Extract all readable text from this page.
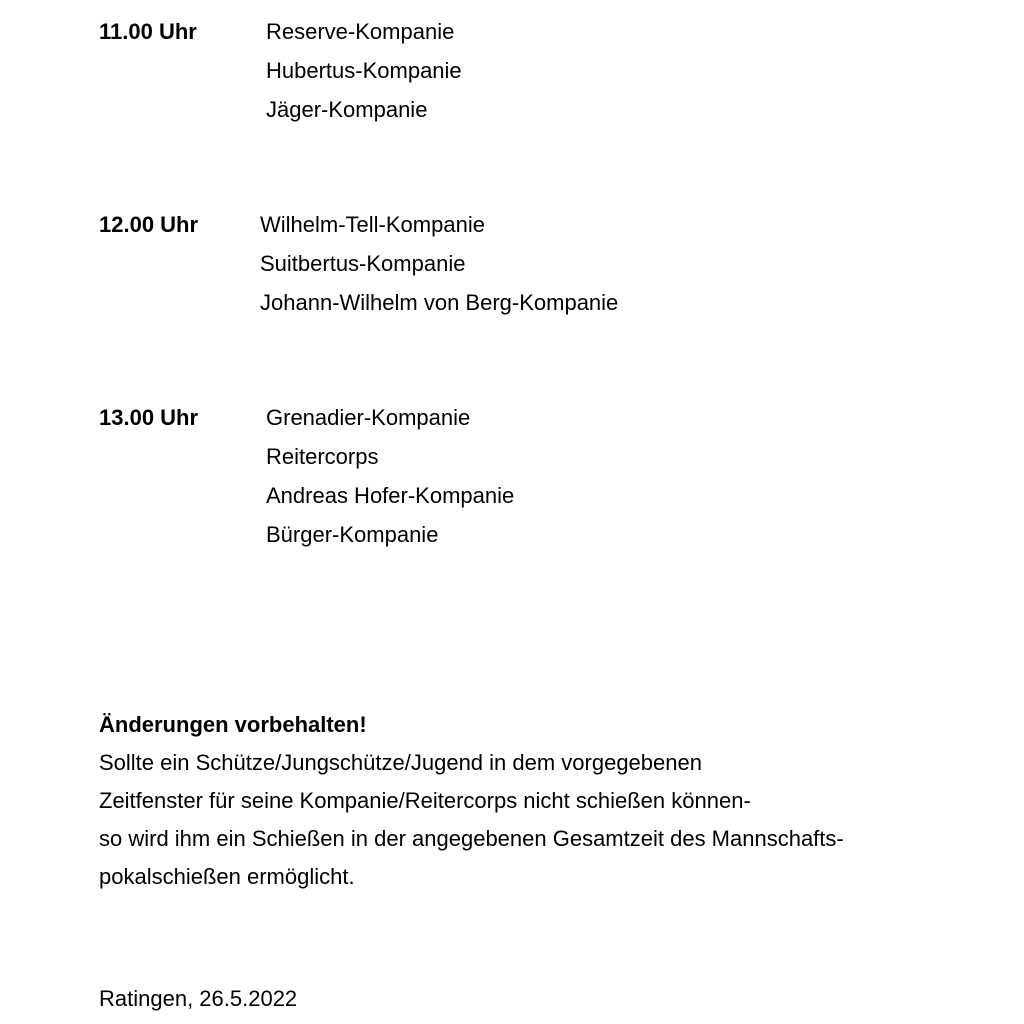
11.00 Uhr	Reserve-Kompanie
Hubertus-Kompanie
Jäger-Kompanie
12.00 Uhr	Wilhelm-Tell-Kompanie
Suitbertus-Kompanie
Johann-Wilhelm von Berg-Kompanie
13.00 Uhr	Grenadier-Kompanie
Reitercorps
Andreas Hofer-Kompanie
Bürger-Kompanie
Änderungen vorbehalten!
Sollte ein Schütze/Jungschütze/Jugend in dem vorgegebenen
Zeitfenster für seine Kompanie/Reitercorps nicht schießen können-
so wird ihm ein Schießen in der angegebenen Gesamtzeit des Mannschafts-
pokalschießen ermöglicht.
Ratingen, 26.5.2022
